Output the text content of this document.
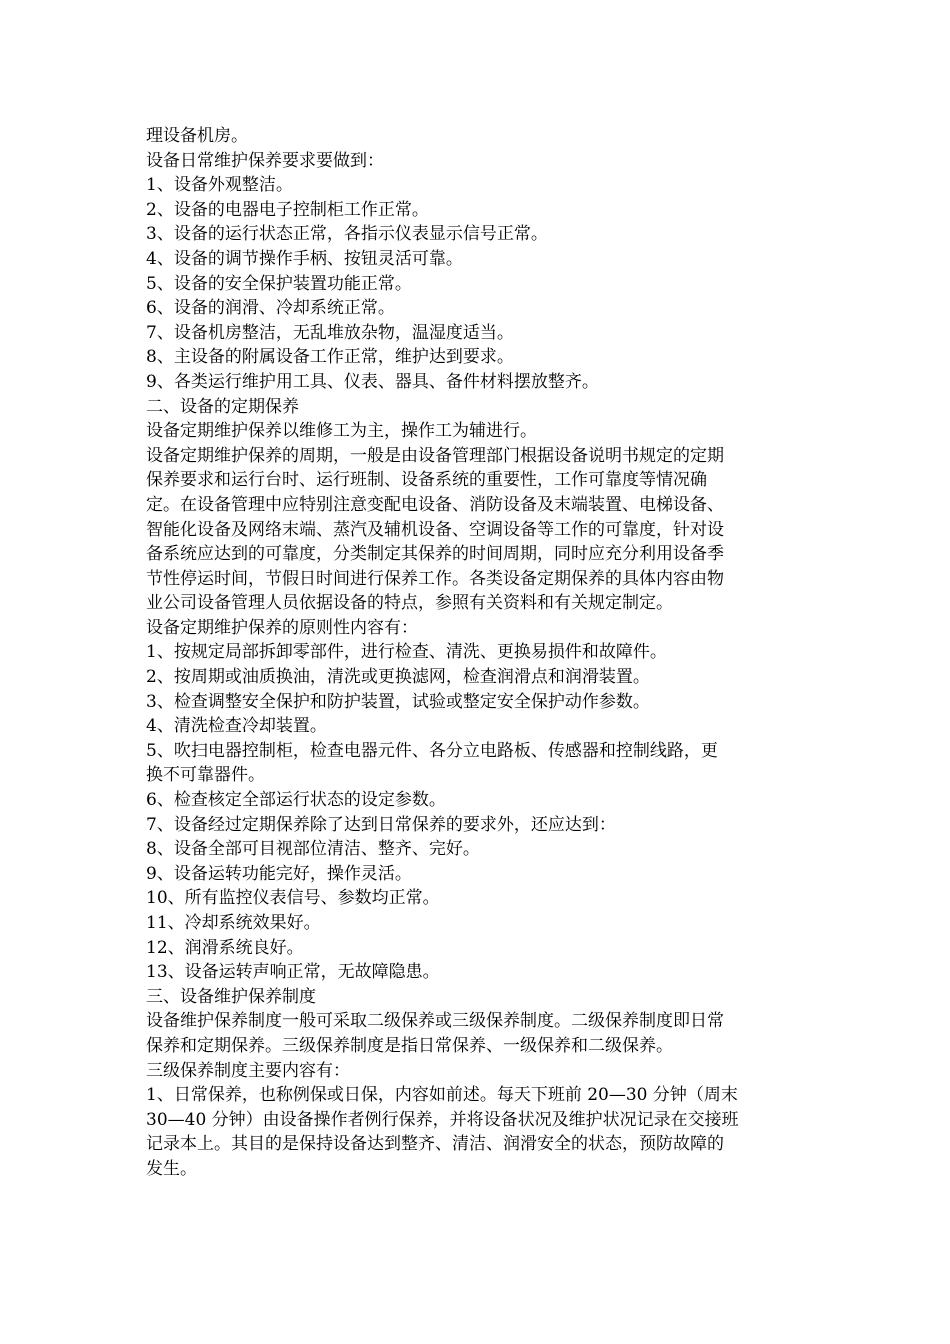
理设备机房。
设备日常维护保养要求要做到：
1、设备外观整洁。
2、设备的电器电子控制柜工作正常。
3、设备的运行状态正常，各指示仪表显示信号正常。
4、设备的调节操作手柄、按钮灵活可靠。
5、设备的安全保护装置功能正常。
6、设备的润滑、冷却系统正常。
7、设备机房整洁，无乱堆放杂物，温湿度适当。
8、主设备的附属设备工作正常，维护达到要求。
9、各类运行维护用工具、仪表、器具、备件材料摆放整齐。
二、设备的定期保养
设备定期维护保养以维修工为主，操作工为辅进行。
设备定期维护保养的周期，一般是由设备管理部门根据设备说明书规定的定期
保养要求和运行台时、运行班制、设备系统的重要性，工作可靠度等情况确
定。在设备管理中应特别注意变配电设备、消防设备及末端装置、电梯设备、
智能化设备及网络末端、蒸汽及辅机设备、空调设备等工作的可靠度，针对设
备系统应达到的可靠度，分类制定其保养的时间周期，同时应充分利用设备季
节性停运时间，节假日时间进行保养工作。各类设备定期保养的具体内容由物
业公司设备管理人员依据设备的特点，参照有关资料和有关规定制定。
设备定期维护保养的原则性内容有：
1、按规定局部拆卸零部件，进行检查、清洗、更换易损件和故障件。
2、按周期或油质换油，清洗或更换滤网，检查润滑点和润滑装置。
3、检查调整安全保护和防护装置，试验或整定安全保护动作参数。
4、清洗检查冷却装置。
5、吹扫电器控制柜，检查电器元件、各分立电路板、传感器和控制线路，更
换不可靠器件。
6、检查核定全部运行状态的设定参数。
7、设备经过定期保养除了达到日常保养的要求外，还应达到：
8、设备全部可目视部位清洁、整齐、完好。
9、设备运转功能完好，操作灵活。
10、所有监控仪表信号、参数均正常。
11、冷却系统效果好。
12、润滑系统良好。
13、设备运转声响正常，无故障隐患。
三、设备维护保养制度
设备维护保养制度一般可采取二级保养或三级保养制度。二级保养制度即日常
保养和定期保养。三级保养制度是指日常保养、一级保养和二级保养。
三级保养制度主要内容有：
1、日常保养，也称例保或日保，内容如前述。每天下班前 20—30 分钟（周末
30—40 分钟）由设备操作者例行保养，并将设备状况及维护状况记录在交接班
记录本上。其目的是保持设备达到整齐、清洁、润滑安全的状态，预防故障的
发生。
